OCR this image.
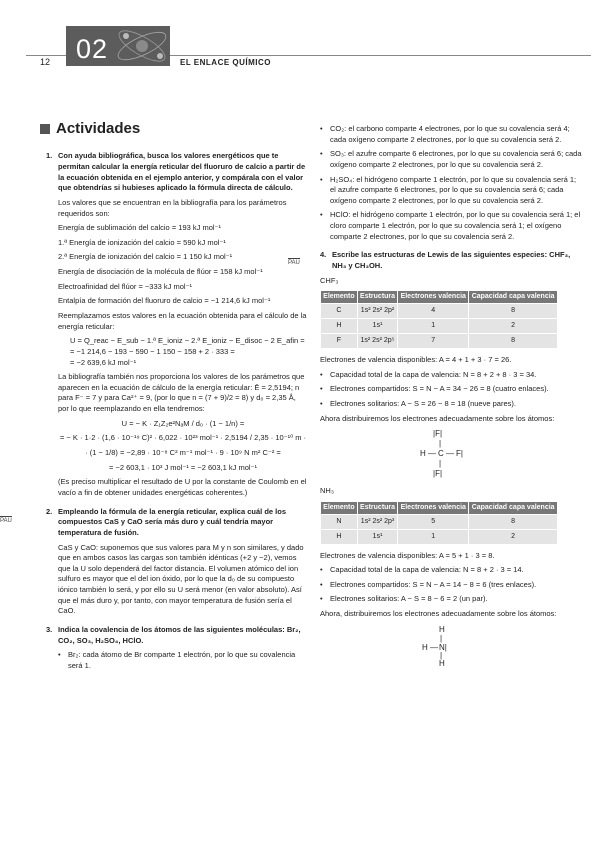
12 02	EL ENLACE QUÍMICO
Actividades
1. Con ayuda bibliográfica, busca los valores energéticos que te permitan calcular la energía reticular del fluoruro de calcio a partir de la ecuación obtenida en el ejemplo anterior, y compárala con el valor que obtendrías si hubieses aplicado la fórmula directa de cálculo.

Los valores que se encuentran en la bibliografía para los parámetros requeridos son:

Energía de sublimación del calcio = 193 kJ mol⁻¹

1.ª Energía de ionización del calcio = 590 kJ mol⁻¹

2.ª Energía de ionización del calcio = 1 150 kJ mol⁻¹

Energía de disociación de la molécula de flúor = 158 kJ mol⁻¹

Electroafinidad del flúor = −333 kJ mol⁻¹

Entalpía de formación del fluoruro de calcio = −1 214,6 kJ mol⁻¹

Reemplazamos estos valores en la ecuación obtenida para el cálculo de la energía reticular:

U = Q_reac − E_sub − 1.ª E_ioniz − 2.ª E_ioniz − E_disoc − 2 E_afin =
= −1 214,6 − 193 − 590 − 1 150 − 158 + 2 · 333 =
= −2 639,6 kJ mol⁻¹

La bibliografía también nos proporciona los valores de los parámetros que aparecen en la ecuación de cálculo de la energía reticular: Ē = 2,5194; n para F⁻ = 7 y para Ca²⁺ = 9, (por lo que n = (7 + 9)/2 = 8) y d₀ = 2,35 Å, por lo que reemplazando en ella tendremos:

U = − K · Z₁Z₂e²NₐM / d₀ · (1 − 1/n) =
= − K · 1·2 · (1,6 · 10⁻¹⁹ C)² · 6,022 · 10²³ mol⁻¹ · 2,5194 / 2,35 · 10⁻¹⁰ m ·
· (1 − 1/8) = −2,89 · 10⁻⁸ C² m⁻¹ mol⁻¹ · 9 · 10⁹ N m² C⁻² =
= −2 603,1 · 10³ J mol⁻¹ = −2 603,1 kJ mol⁻¹

(Es preciso multiplicar el resultado de U por la constante de Coulomb en el vacío a fin de obtener unidades energéticas coherentes.)

PAU
2. Empleando la fórmula de la energía reticular, explica cuál de los compuestos CaS y CaO sería más duro y cuál tendría mayor temperatura de fusión.

CaS y CaO: suponemos que sus valores para M y n son similares, y dado que en ambos casos las cargas son también idénticas (+2 y −2), vemos que la U solo dependerá del factor distancia. El volumen atómico del ion sulfuro es mayor que el del ion óxido, por lo que la d₀ de su compuesto iónico también lo será, y por ello su U será menor (en valor absoluto). Así que el más duro y, por tanto, con mayor temperatura de fusión sería el CaO.

3. Indica la covalencia de los átomos de las siguientes moléculas: Br₂, CO₂, SO₃, H₂SO₄, HClO.

• Br₂: cada átomo de Br comparte 1 electrón, por lo que su covalencia será 1.
• CO₂: el carbono comparte 4 electrones, por lo que su covalencia será 4; cada oxígeno comparte 2 electrones, por lo que su covalencia será 2.
• SO₃: el azufre comparte 6 electrones, por lo que su covalencia será 6; cada oxígeno comparte 2 electrones, por lo que su covalencia será 2.
• H₂SO₄: el hidrógeno comparte 1 electrón, por lo que su covalencia será 1; el azufre comparte 6 electrones, por lo que su covalencia será 6; cada oxígeno comparte 2 electrones, por lo que su covalencia será 2.
• HClO: el hidrógeno comparte 1 electrón, por lo que su covalencia será 1; el cloro comparte 1 electrón, por lo que su covalencia será 1; el oxígeno comparte 2 electrones, por lo que su covalencia será 2.
PAU
4. Escribe las estructuras de Lewis de las siguientes especies: CHF₃, NH₃ y CH₃OH.

CHF₃

Elemento	Estructura	Electrones valencia	Capacidad capa valencia
C	1s² 2s² 2p²	4	8
H	1s¹	1	2
F	1s² 2s² 2p⁵	7	8

Electrones de valencia disponibles: A = 4 + 1 + 3 · 7 = 26.

• Capacidad total de la capa de valencia: N = 8 + 2 + 8 · 3 = 34.
• Electrones compartidos: S = N − A = 34 − 26 = 8 (cuatro enlaces).
• Electrones solitarios: A − S = 26 − 8 = 18 (nueve pares).

Ahora distribuiremos los electrones adecuadamente sobre los átomos:

|F|
|
H — C — F|
|
|F|

NH₃

Elemento	Estructura	Electrones valencia	Capacidad capa valencia
N	1s² 2s² 2p³	5	8
H	1s¹	1	2

Electrones de valencia disponibles: A = 5 + 1 · 3 = 8.

• Capacidad total de la capa de valencia: N = 8 + 2 · 3 = 14.
• Electrones compartidos: S = N − A = 14 − 8 = 6 (tres enlaces).
• Electrones solitarios: A − S = 8 − 6 = 2 (un par).

Ahora, distribuiremos los electrones adecuadamente sobre los átomos:

H
|
H — N|
|
H
